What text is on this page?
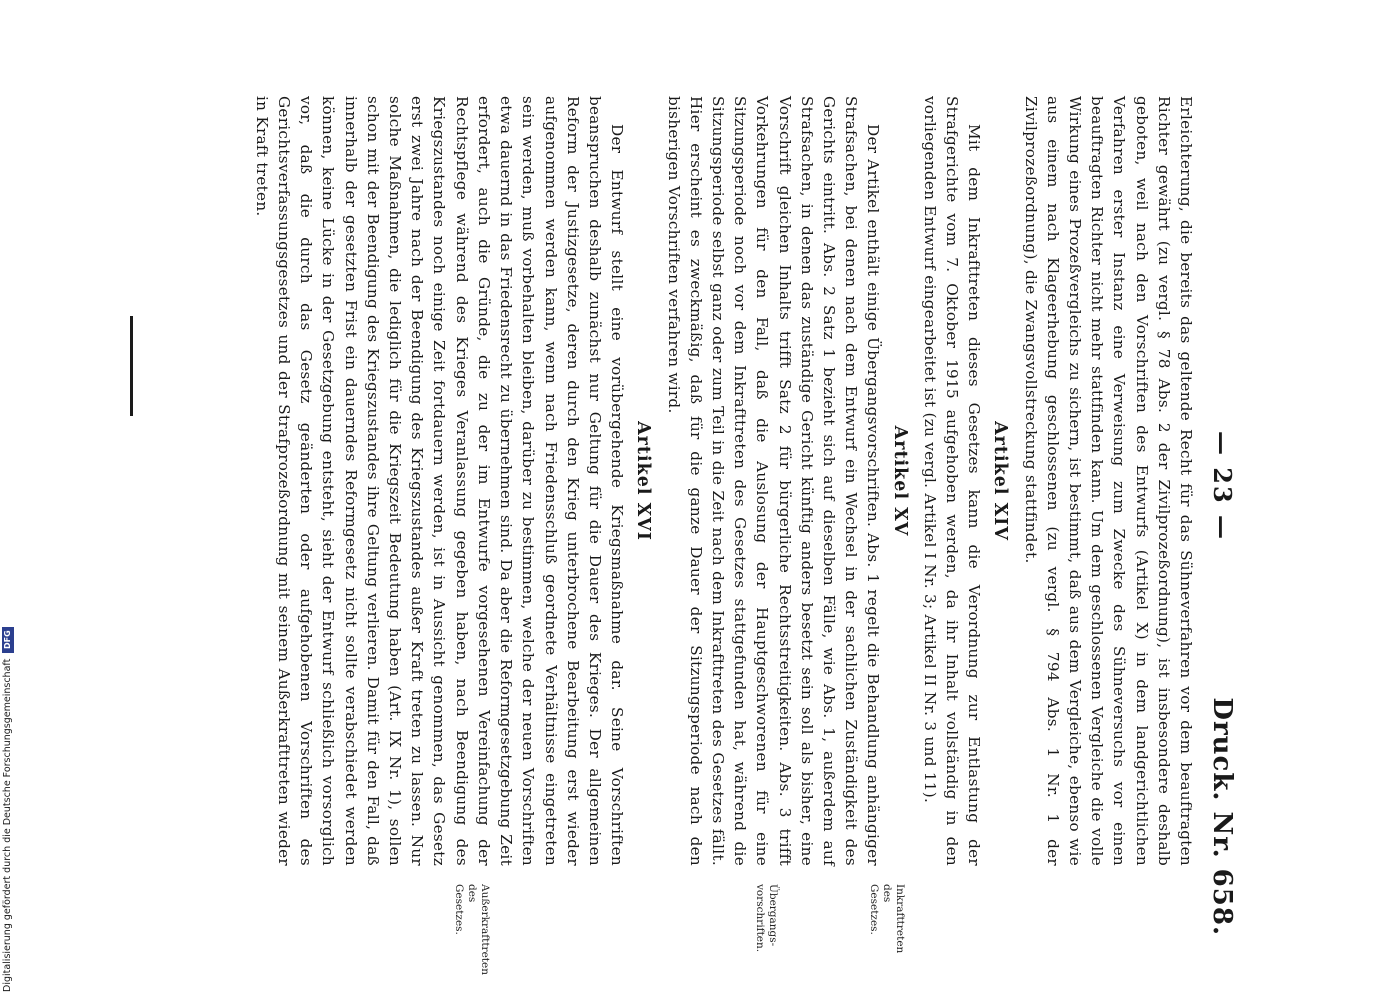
— 23 —
Druck. Nr. 658.

Erleichterung, die bereits das geltende Recht für das Sühneverfahren vor dem beauftragten Richter gewährt (zu vergl. § 78 Abs. 2 der Zivilprozeßordnung), ist insbesondere deshalb geboten, weil nach den Vorschriften des Entwurfs (Artikel X) in dem landgerichtlichen Verfahren erster Instanz eine Verweisung zum Zwecke des Sühneversuchs vor einen beauftragten Richter nicht mehr stattfinden kann. Um dem geschlossenen Vergleiche die volle Wirkung eines Prozeßvergleichs zu sichern, ist bestimmt, daß aus dem Vergleiche, ebenso wie aus einem nach Klageerhebung geschlossenen (zu vergl. § 794 Abs. 1 Nr. 1 der Zivilprozeßordnung), die Zwangsvollstreckung stattfindet.

Artikel XIV

Mit dem Inkrafttreten dieses Gesetzes kann die Verordnung zur Entlastung der Strafgerichte vom 7. Oktober 1915 aufgehoben werden, da ihr Inhalt vollständig in den vorliegenden Entwurf eingearbeitet ist (zu vergl. Artikel I Nr. 3; Artikel II Nr. 3 und 11).

Artikel XV

Der Artikel enthält einige Übergangsvorschriften. Abs. 1 regelt die Behandlung anhängiger Strafsachen, bei denen nach dem Entwurf ein Wechsel in der sachlichen Zuständigkeit des Gerichts eintritt. Abs. 2 Satz 1 bezieht sich auf dieselben Fälle, wie Abs. 1, außerdem auf Strafsachen, in denen das zuständige Gericht künftig anders besetzt sein soll als bisher, eine Vorschrift gleichen Inhalts trifft Satz 2 für bürgerliche Rechtsstreitigkeiten. Abs. 3 trifft Vorkehrungen für den Fall, daß die Auslosung der Hauptgeschworenen für eine Sitzungsperiode noch vor dem Inkrafttreten des Gesetzes stattgefunden hat, während die Sitzungsperiode selbst ganz oder zum Teil in die Zeit nach dem Inkrafttreten des Gesetzes fällt. Hier erscheint es zweckmäßig, daß für die ganze Dauer der Sitzungsperiode nach den bisherigen Vorschriften verfahren wird.

Artikel XVI

Der Entwurf stellt eine vorübergehende Kriegsmaßnahme dar. Seine Vorschriften beanspruchen deshalb zunächst nur Geltung für die Dauer des Krieges. Der allgemeinen Reform der Justizgesetze, deren durch den Krieg unterbrochene Bearbeitung erst wieder aufgenommen werden kann, wenn nach Friedensschluß geordnete Verhältnisse eingetreten sein werden, muß vorbehalten bleiben, darüber zu bestimmen, welche der neuen Vorschriften etwa dauernd in das Friedensrecht zu übernehmen sind. Da aber die Reformgesetzgebung Zeit erfordert, auch die Gründe, die zu der im Entwurfe vorgesehenen Vereinfachung der Rechtspflege während des Krieges Veranlassung gegeben haben, nach Beendigung des Kriegszustandes noch einige Zeit fortdauern werden, ist in Aussicht genommen, das Gesetz erst zwei Jahre nach der Beendigung des Kriegszustandes außer Kraft treten zu lassen. Nur solche Maßnahmen, die lediglich für die Kriegszeit Bedeutung haben (Art. IX Nr. 1), sollen schon mit der Beendigung des Kriegszustandes ihre Geltung verlieren. Damit für den Fall, daß innerhalb der gesetzten Frist ein dauerndes Reformgesetz nicht sollte verabschiedet werden können, keine Lücke in der Gesetzgebung entsteht, sieht der Entwurf schließlich vorsorglich vor, daß die durch das Gesetz geänderten oder aufgehobenen Vorschriften des Gerichtsverfassungsgesetzes und der Strafprozeßordnung mit seinem Außerkrafttreten wieder in Kraft treten.

Inkrafttreten des Gesetzes.
Übergangs-vorschriften.
Außerkrafttreten des Gesetzes.
Digitalisierung gefördert durch die Deutsche Forschungsgemeinschaft
DFG
